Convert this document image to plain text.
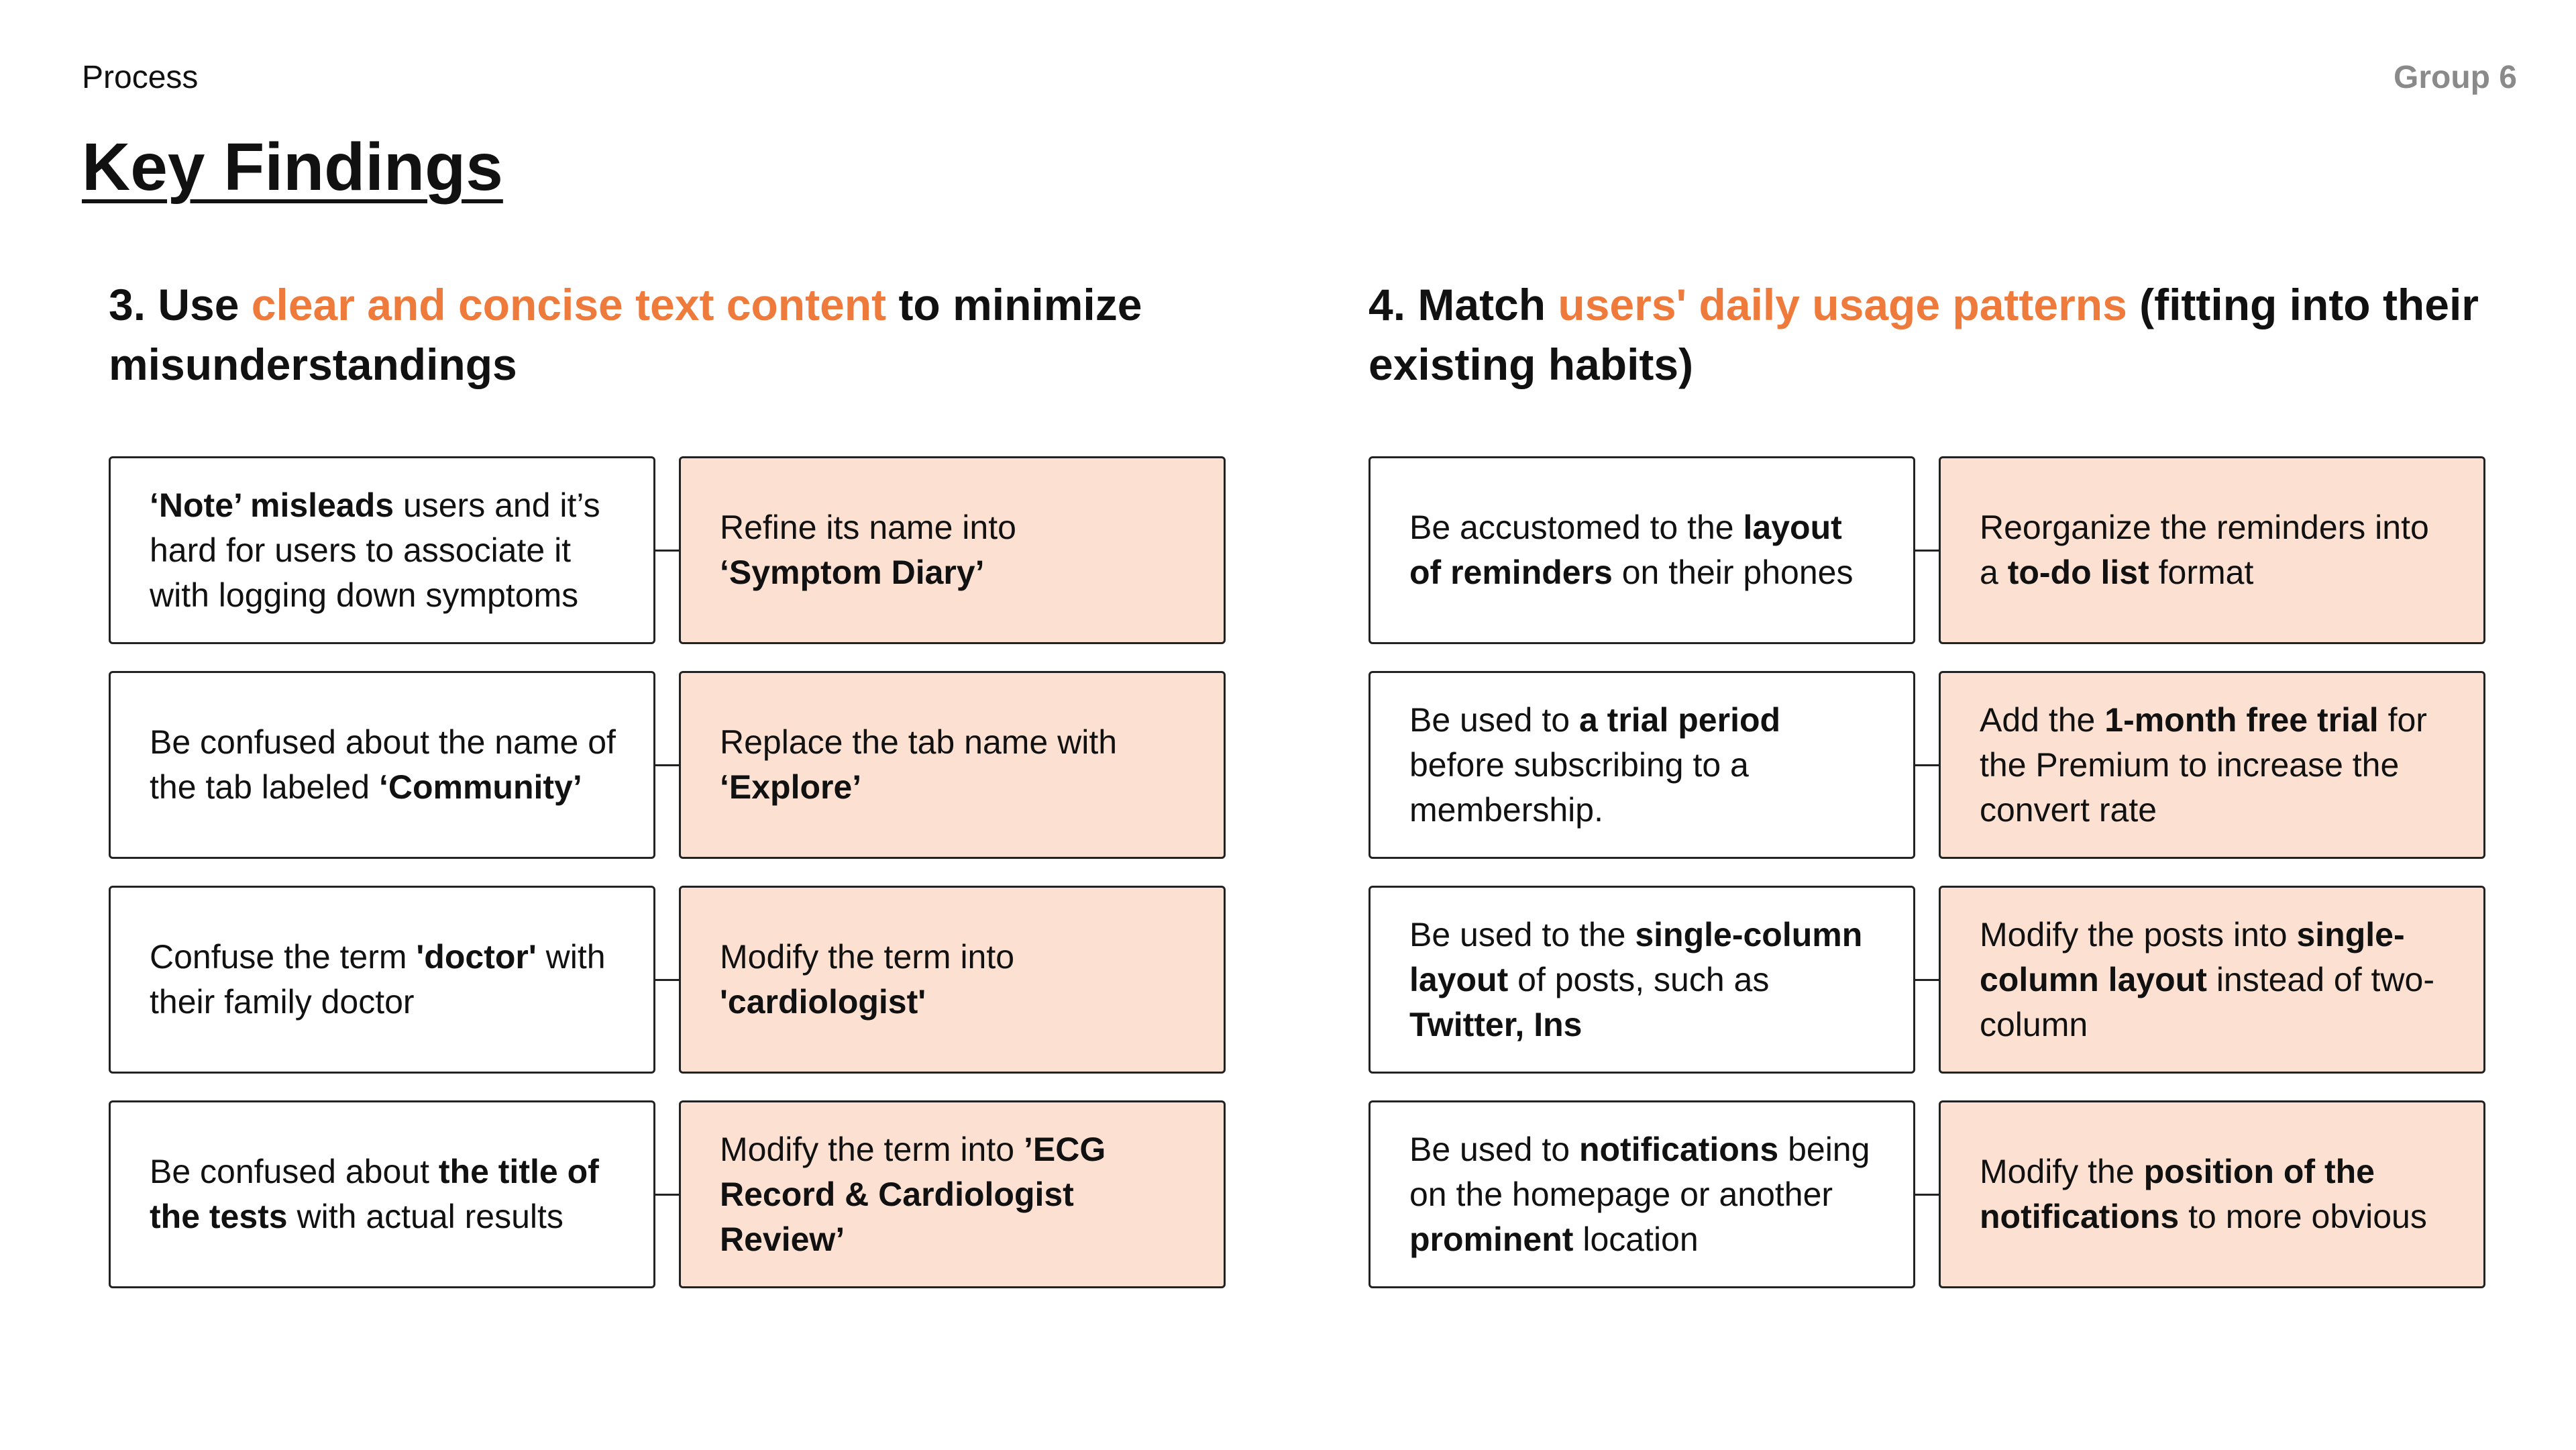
Process	Group 6
Key Findings
3. Use clear and concise text content to minimize misunderstandings
‘Note’ misleads users and it’s hard for users to associate it with logging down symptoms
Refine its name into ‘Symptom Diary’
Be confused about the name of the tab labeled ‘Community’
Replace the tab name with ‘Explore’
Confuse the term 'doctor' with their family doctor
Modify the term into 'cardiologist'
Be confused about the title of the tests with actual results
Modify the term into ’ECG Record & Cardiologist Review’
4. Match users' daily usage patterns (fitting into their existing habits)
Be accustomed to the layout of reminders on their phones
Reorganize the reminders into a to-do list format
Be used to a trial period before subscribing to a membership.
Add the 1-month free trial for the Premium to increase the convert rate
Be used to the single-column layout of posts, such as Twitter, Ins
Modify the posts into single-column layout instead of two-column
Be used to notifications being on the homepage or another prominent location
Modify the position of the notifications to more obvious
